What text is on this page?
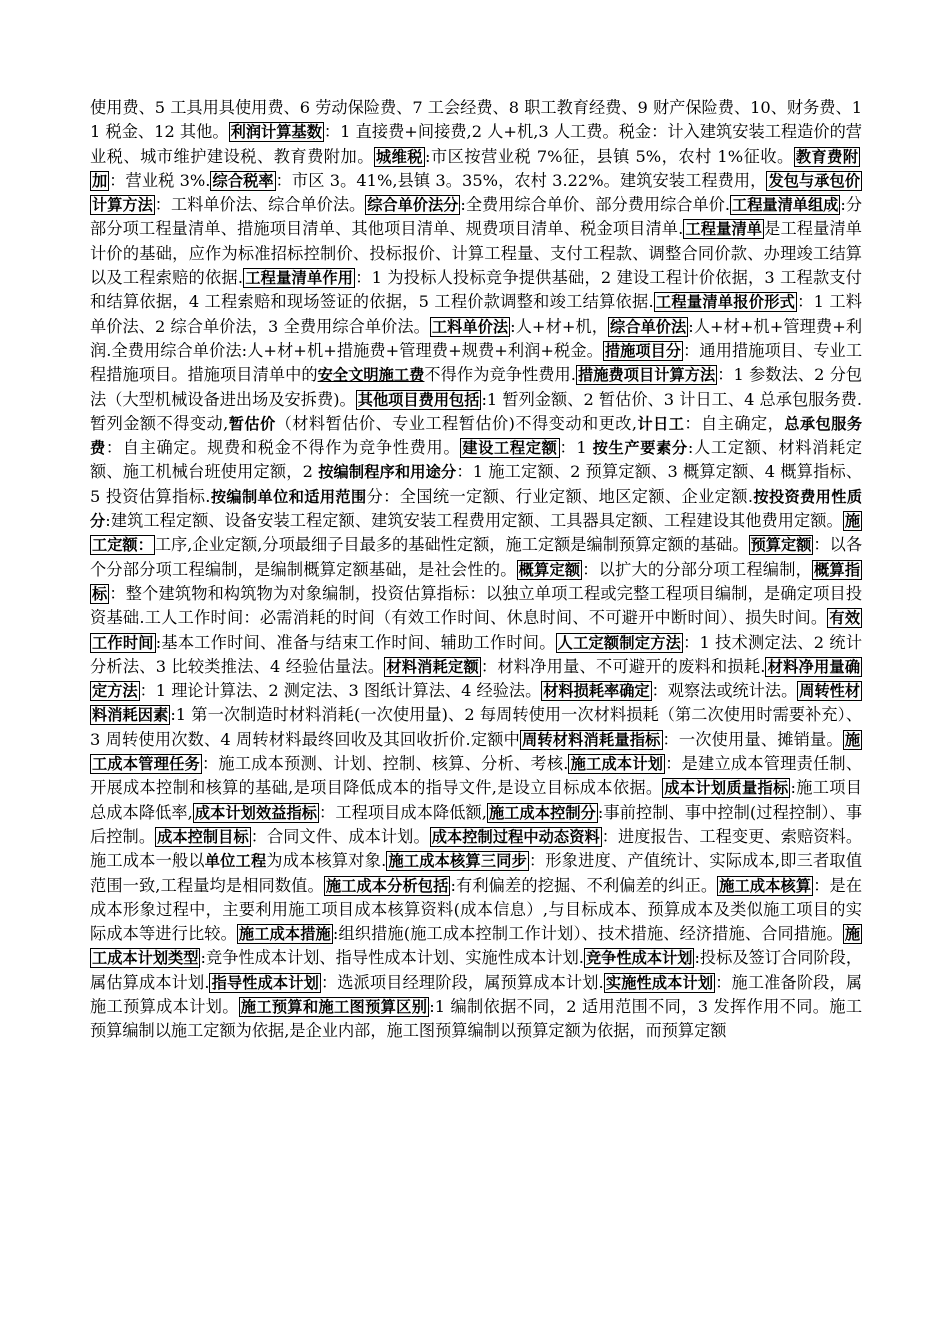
使用费、5 工具用具使用费、6 劳动保险费、7 工会经费、8 职工教育经费、9 财产保险费、10、财务费、11 税金、12 其他。 利润计算基数 ：1 直接费+间接费,2 人+机,3 人工费。税金：计入建筑安装工程造价的营业税、城市维护建设税、教育费附加。 城维税 :市区按营业税 7%征，县镇 5%，农村 1%征收。 教育费附加 ：营业税 3%. 综合税率 ：市区 3。41%,县镇 3。35%，农村 3.22%。建筑安装工程费用， 发包与承包价计算方法 ：工料单价法、综合单价法。 综合单价法分 :全费用综合单价、部分费用综合单价. 工程量清单组成 :分部分项工程量清单、措施项目清单、其他项目清单、规费项目清单、税金项目清单. 工程量清单 是工程量清单计价的基础，应作为标准招标控制价、投标报价、计算工程量、支付工程款、调整合同价款、办理竣工结算以及工程索赔的依据. 工程量清单作用 ：1 为投标人投标竞争提供基础，2 建设工程计价依据，3 工程款支付和结算依据，4 工程索赔和现场签证的依据，5 工程价款调整和竣工结算依据. 工程量清单报价形式 ：1 工料单价法、2 综合单价法，3 全费用综合单价法。 工料单价法 :人+材+机， 综合单价法 :人+材+机+管理费+利润.全费用综合单价法:人+材+机+措施费+管理费+规费+利润+税金。 措施项目分 ：通用措施项目、专业工程措施项目。措施项目清单中的安全文明施工费不得作为竞争性费用. 措施费项目计算方法 ：1 参数法、2 分包法（大型机械设备进出场及安拆费)。 其他项目费用包括 :1 暂列金额、2 暂估价、3 计日工、4 总承包服务费.暂列金额不得变动,暂估价（材料暂估价、专业工程暂估价)不得变动和更改,计日工：自主确定，总承包服务费：自主确定。规费和税金不得作为竞争性费用。 建设工程定额 ：1 按生产要素分:人工定额、材料消耗定额、施工机械台班使用定额，2 按编制程序和用途分：1 施工定额、2 预算定额、3 概算定额、4 概算指标、5 投资估算指标.按编制单位和适用范围分：全国统一定额、行业定额、地区定额、企业定额.按投资费用性质分:建筑工程定额、设备安装工程定额、建筑安装工程费用定额、工具器具定额、工程建设其他费用定额。 施工定额： 工序,企业定额,分项最细子目最多的基础性定额，施工定额是编制预算定额的基础。 预算定额 ：以各个分部分项工程编制，是编制概算定额基础，是社会性的。 概算定额 ：以扩大的分部分项工程编制， 概算指标 ：整个建筑物和构筑物为对象编制，投资估算指标：以独立单项工程或完整工程项目编制，是确定项目投资基础.工人工作时间：必需消耗的时间（有效工作时间、休息时间、不可避开中断时间）、损失时间。 有效工作时间 :基本工作时间、准备与结束工作时间、辅助工作时间。 人工定额制定方法 ：1 技术测定法、2 统计分析法、3 比较类推法、4 经验估量法。 材料消耗定额 ：材料净用量、不可避开的废料和损耗. 材料净用量确定方法 ：1 理论计算法、2 测定法、3 图纸计算法、4 经验法。 材料损耗率确定 ：观察法或统计法。 周转性材料消耗因素 :1 第一次制造时材料消耗(一次使用量)、2 每周转使用一次材料损耗（第二次使用时需要补充）、3 周转使用次数、4 周转材料最终回收及其回收折价.定额中 周转材料消耗量指标 ：一次使用量、摊销量。 施工成本管理任务 ：施工成本预测、计划、控制、核算、分析、考核. 施工成本计划 ：是建立成本管理责任制、开展成本控制和核算的基础,是项目降低成本的指导文件,是设立目标成本依据。 成本计划质量指标 :施工项目总成本降低率, 成本计划效益指标 ：工程项目成本降低额, 施工成本控制分 :事前控制、事中控制(过程控制）、事后控制。 成本控制目标 ：合同文件、成本计划。 成本控制过程中动态资料 ：进度报告、工程变更、索赔资料。施工成本一般以单位工程为成本核算对象. 施工成本核算三同步 ：形象进度、产值统计、实际成本,即三者取值范围一致,工程量均是相同数值。 施工成本分析包括 :有利偏差的挖掘、不利偏差的纠正。 施工成本核算 ：是在成本形象过程中，主要利用施工项目成本核算资料(成本信息）,与目标成本、预算成本及类似施工项目的实际成本等进行比较。 施工成本措施 :组织措施(施工成本控制工作计划）、技术措施、经济措施、合同措施。 施工成本计划类型 :竞争性成本计划、指导性成本计划、实施性成本计划. 竞争性成本计划 :投标及签订合同阶段，属估算成本计划. 指导性成本计划 ：选派项目经理阶段，属预算成本计划. 实施性成本计划 ：施工准备阶段，属施工预算成本计划。 施工预算和施工图预算区别 :1 编制依据不同，2 适用范围不同，3 发挥作用不同。施工预算编制以施工定额为依据,是企业内部，施工图预算编制以预算定额为依据，而预算定额
